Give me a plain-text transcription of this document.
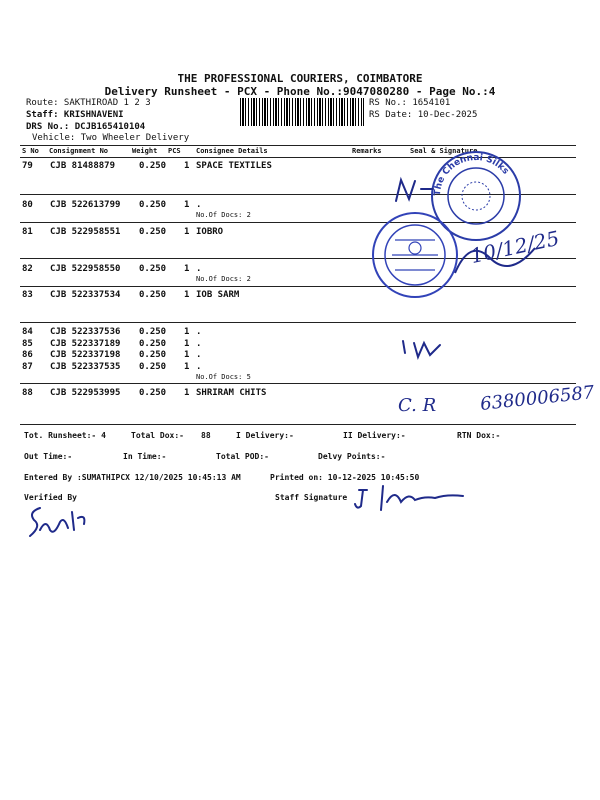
THE PROFESSIONAL COURIERS, COIMBATORE
Delivery Runsheet - PCX - Phone No.:9047080280 - Page No.:4
Route: SAKTHIROAD 1 2 3
Staff: KRISHNAVENI
DRS No.: DCJB165410104
Vehicle: Two Wheeler Delivery
RS No.: 1654101
RS Date: 10-Dec-2025
S No Consignment No	Weight PCS Consignee Details	Remarks	Seal & Signature
79 CJB 81488879	0.250 1 SPACE TEXTILES
80 CJB 522613799 0.250 1 .
No.Of Docs: 2
81 CJB 522958551 0.250 1 IOBRO
82 CJB 522958550 0.250 1 .
No.Of Docs: 2
83 CJB 522337534 0.250 1 IOB SARM
84 CJB 522337536 0.250 1 .
85 CJB 522337189 0.250 1 .
86 CJB 522337198 0.250 1 .
87 CJB 522337535 0.250 1 .
No.Of Docs: 5
88 CJB 522953995 0.250 1 SHRIRAM CHITS
Tot. Runsheet:- 4	Total Dox:- 88	I Delivery:-	II Delivery:-	RTN Dox:-
Out Time:-	In Time:-	Total POD:-	Delvy Points:-
Entered By :SUMATHIPCX 12/10/2025 10:45:13 AM	Printed on: 10-12-2025 10:45:50
Verified By	Staff Signature
The Chennai Silks
10/12/25
C. R 6380006587
